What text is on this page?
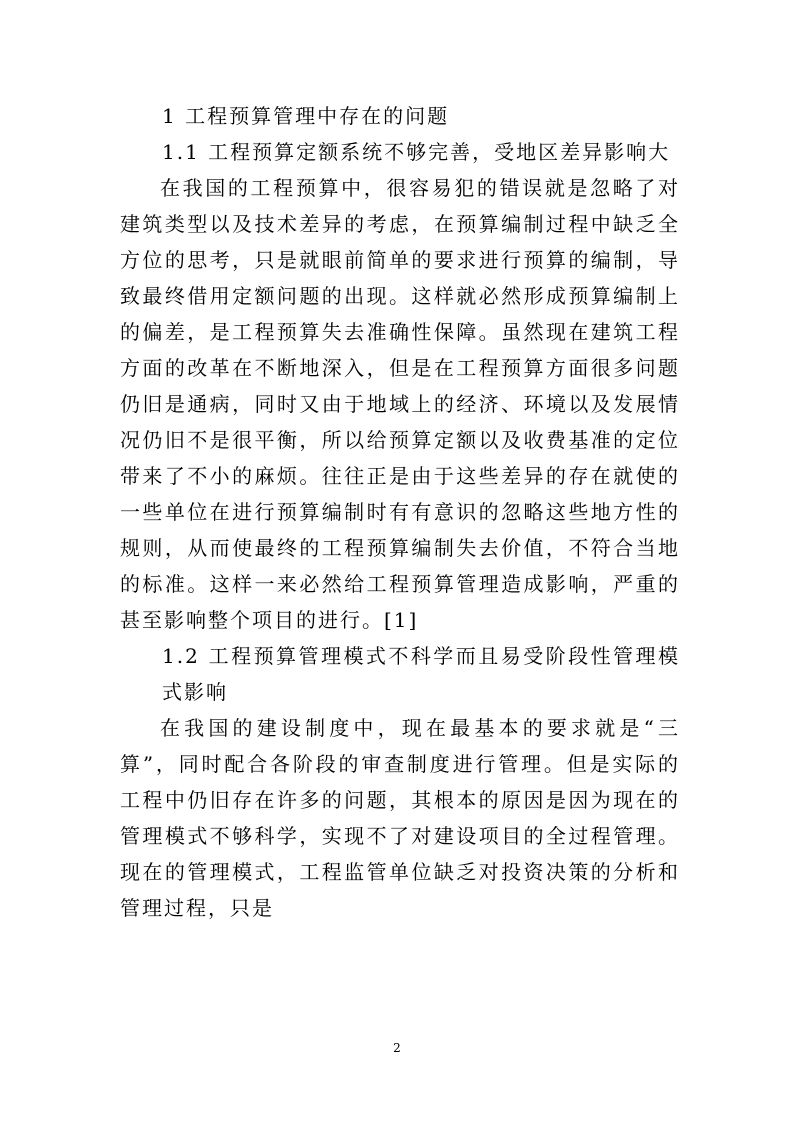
1 工程预算管理中存在的问题
1.1 工程预算定额系统不够完善，受地区差异影响大

在我国的工程预算中，很容易犯的错误就是忽略了对建筑类型以及技术差异的考虑，在预算编制过程中缺乏全方位的思考，只是就眼前简单的要求进行预算的编制，导致最终借用定额问题的出现。这样就必然形成预算编制上的偏差，是工程预算失去准确性保障。虽然现在建筑工程方面的改革在不断地深入，但是在工程预算方面很多问题仍旧是通病，同时又由于地域上的经济、环境以及发展情况仍旧不是很平衡，所以给预算定额以及收费基准的定位带来了不小的麻烦。往往正是由于这些差异的存在就使的一些单位在进行预算编制时有有意识的忽略这些地方性的规则，从而使最终的工程预算编制失去价值，不符合当地的标准。这样一来必然给工程预算管理造成影响，严重的甚至影响整个项目的进行。[1]

1.2 工程预算管理模式不科学而且易受阶段性管理模式影响

在我国的建设制度中，现在最基本的要求就是“三算”，同时配合各阶段的审查制度进行管理。但是实际的工程中仍旧存在许多的问题，其根本的原因是因为现在的管理模式不够科学，实现不了对建设项目的全过程管理。现在的管理模式，工程监管单位缺乏对投资决策的分析和管理过程，只是

2
